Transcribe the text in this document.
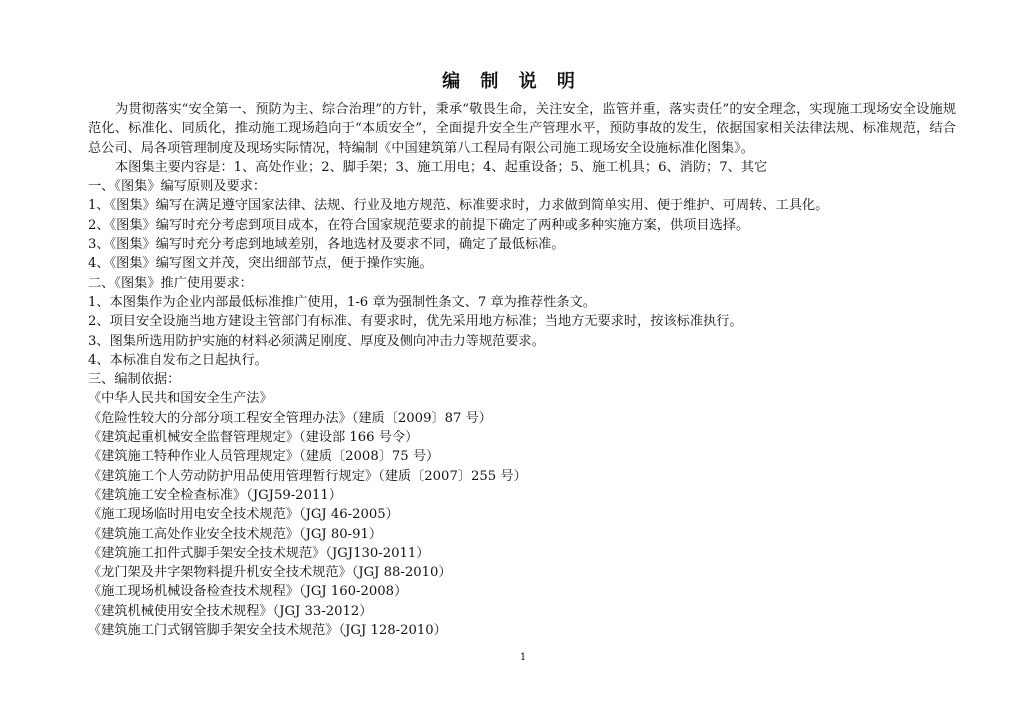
编 制 说 明

为贯彻落实“安全第一、预防为主、综合治理”的方针，秉承“敬畏生命，关注安全，监管并重，落实责任”的安全理念，实现施工现场安全设施规范化、标准化、同质化，推动施工现场趋向于“本质安全”，全面提升安全生产管理水平，预防事故的发生，依据国家相关法律法规、标准规范，结合总公司、局各项管理制度及现场实际情况，特编制《中国建筑第八工程局有限公司施工现场安全设施标准化图集》。

本图集主要内容是：1、高处作业；2、脚手架；3、施工用电；4、起重设备；5、施工机具；6、消防；7、其它

一、《图集》编写原则及要求：

1、《图集》编写在满足遵守国家法律、法规、行业及地方规范、标准要求时，力求做到简单实用、便于维护、可周转、工具化。

2、《图集》编写时充分考虑到项目成本，在符合国家规范要求的前提下确定了两种或多种实施方案，供项目选择。

3、《图集》编写时充分考虑到地域差别，各地选材及要求不同，确定了最低标准。

4、《图集》编写图文并茂，突出细部节点，便于操作实施。

二、《图集》推广使用要求：

1、本图集作为企业内部最低标准推广使用，1-6 章为强制性条文、7 章为推荐性条文。

2、项目安全设施当地方建设主管部门有标准、有要求时，优先采用地方标准；当地方无要求时，按该标准执行。

3、图集所选用防护实施的材料必须满足刚度、厚度及侧向冲击力等规范要求。

4、本标准自发布之日起执行。

三、编制依据：

《中华人民共和国安全生产法》

《危险性较大的分部分项工程安全管理办法》（建质〔2009〕87 号）

《建筑起重机械安全监督管理规定》（建设部 166 号令）

《建筑施工特种作业人员管理规定》（建质〔2008〕75 号）

《建筑施工个人劳动防护用品使用管理暂行规定》（建质〔2007〕255 号）

《建筑施工安全检查标准》（JGJ59-2011）

《施工现场临时用电安全技术规范》（JGJ 46-2005）

《建筑施工高处作业安全技术规范》（JGJ 80-91）

《建筑施工扣件式脚手架安全技术规范》（JGJ130-2011）

《龙门架及井字架物料提升机安全技术规范》（JGJ 88-2010）

《施工现场机械设备检查技术规程》（JGJ 160-2008）

《建筑机械使用安全技术规程》（JGJ 33-2012）

《建筑施工门式钢管脚手架安全技术规范》（JGJ 128-2010）

1
